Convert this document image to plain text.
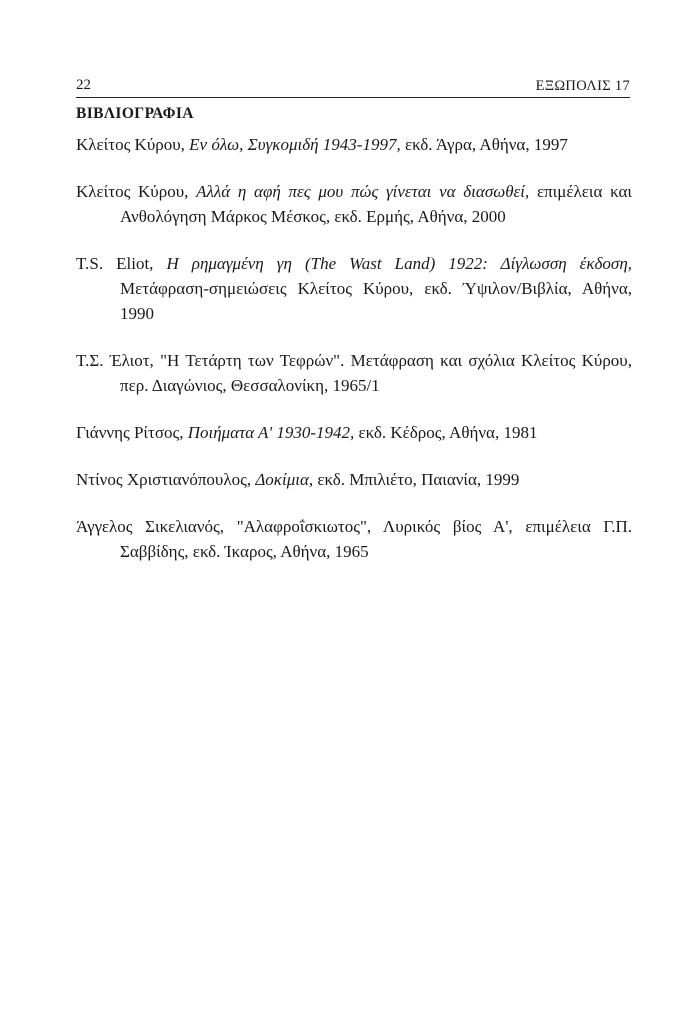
22	ΕΞΩΠΟΛΙΣ 17
ΒΙΒΛΙΟΓΡΑΦΙΑ
Κλείτος Κύρου, Εν όλω, Συγκομιδή 1943-1997, εκδ. Άγρα, Αθήνα, 1997
Κλείτος Κύρου, Αλλά η αφή πες μου πώς γίνεται να διασωθεί, επιμέλεια και Ανθολόγηση Μάρκος Μέσκος, εκδ. Ερμής, Αθήνα, 2000
T.S. Eliot, Η ρημαγμένη γη (The Wast Land) 1922: Δίγλωσση έκδοση, Μετάφραση-σημειώσεις Κλείτος Κύρου, εκδ. Ύψιλον/Βιβλία, Αθήνα, 1990
Τ.Σ. Έλιοτ, "Η Τετάρτη των Τεφρών". Μετάφραση και σχόλια Κλείτος Κύρου, περ. Διαγώνιος, Θεσσαλονίκη, 1965/1
Γιάννης Ρίτσος, Ποιήματα Α' 1930-1942, εκδ. Κέδρος, Αθήνα, 1981
Ντίνος Χριστιανόπουλος, Δοκίμια, εκδ. Μπιλιέτο, Παιανία, 1999
Άγγελος Σικελιανός, "Αλαφροΐσκιωτος", Λυρικός βίος Α', επιμέλεια Γ.Π. Σαββίδης, εκδ. Ίκαρος, Αθήνα, 1965
